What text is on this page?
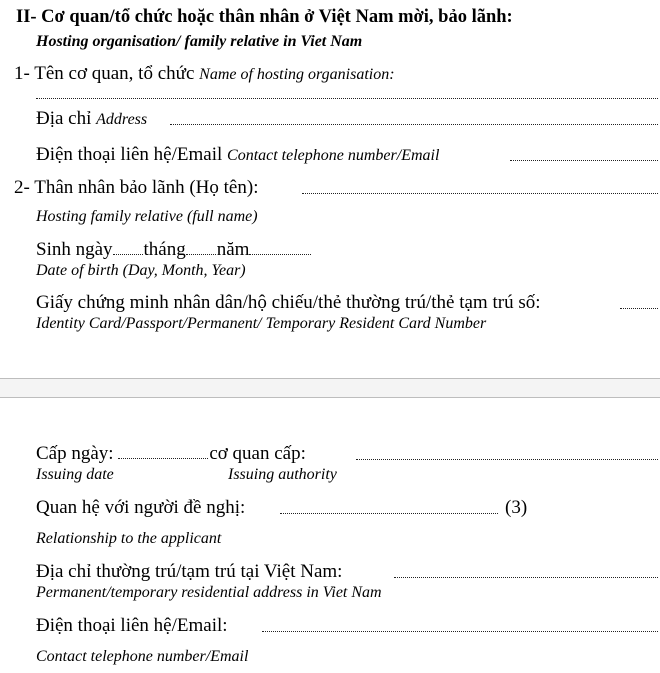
II- Cơ quan/tổ chức hoặc thân nhân ở Việt Nam mời, bảo lãnh:
Hosting organisation/ family relative in Viet Nam
1- Tên cơ quan, tổ chức Name of hosting organisation:
Địa chỉ Address
Điện thoại liên hệ/Email Contact telephone number/Email
2- Thân nhân bảo lãnh (Họ tên):
Hosting family relative (full name)
Sinh ngày tháng năm
Date of birth (Day, Month, Year)
Giấy chứng minh nhân dân/hộ chiếu/thẻ thường trú/thẻ tạm trú số:
Identity Card/Passport/Permanent/ Temporary Resident Card Number
Cấp ngày:	cơ quan cấp:
Issuing date	Issuing authority
Quan hệ với người đề nghị:	(3)
Relationship to the applicant
Địa chỉ thường trú/tạm trú tại Việt Nam:
Permanent/temporary residential address in Viet Nam
Điện thoại liên hệ/Email:
Contact telephone number/Email
